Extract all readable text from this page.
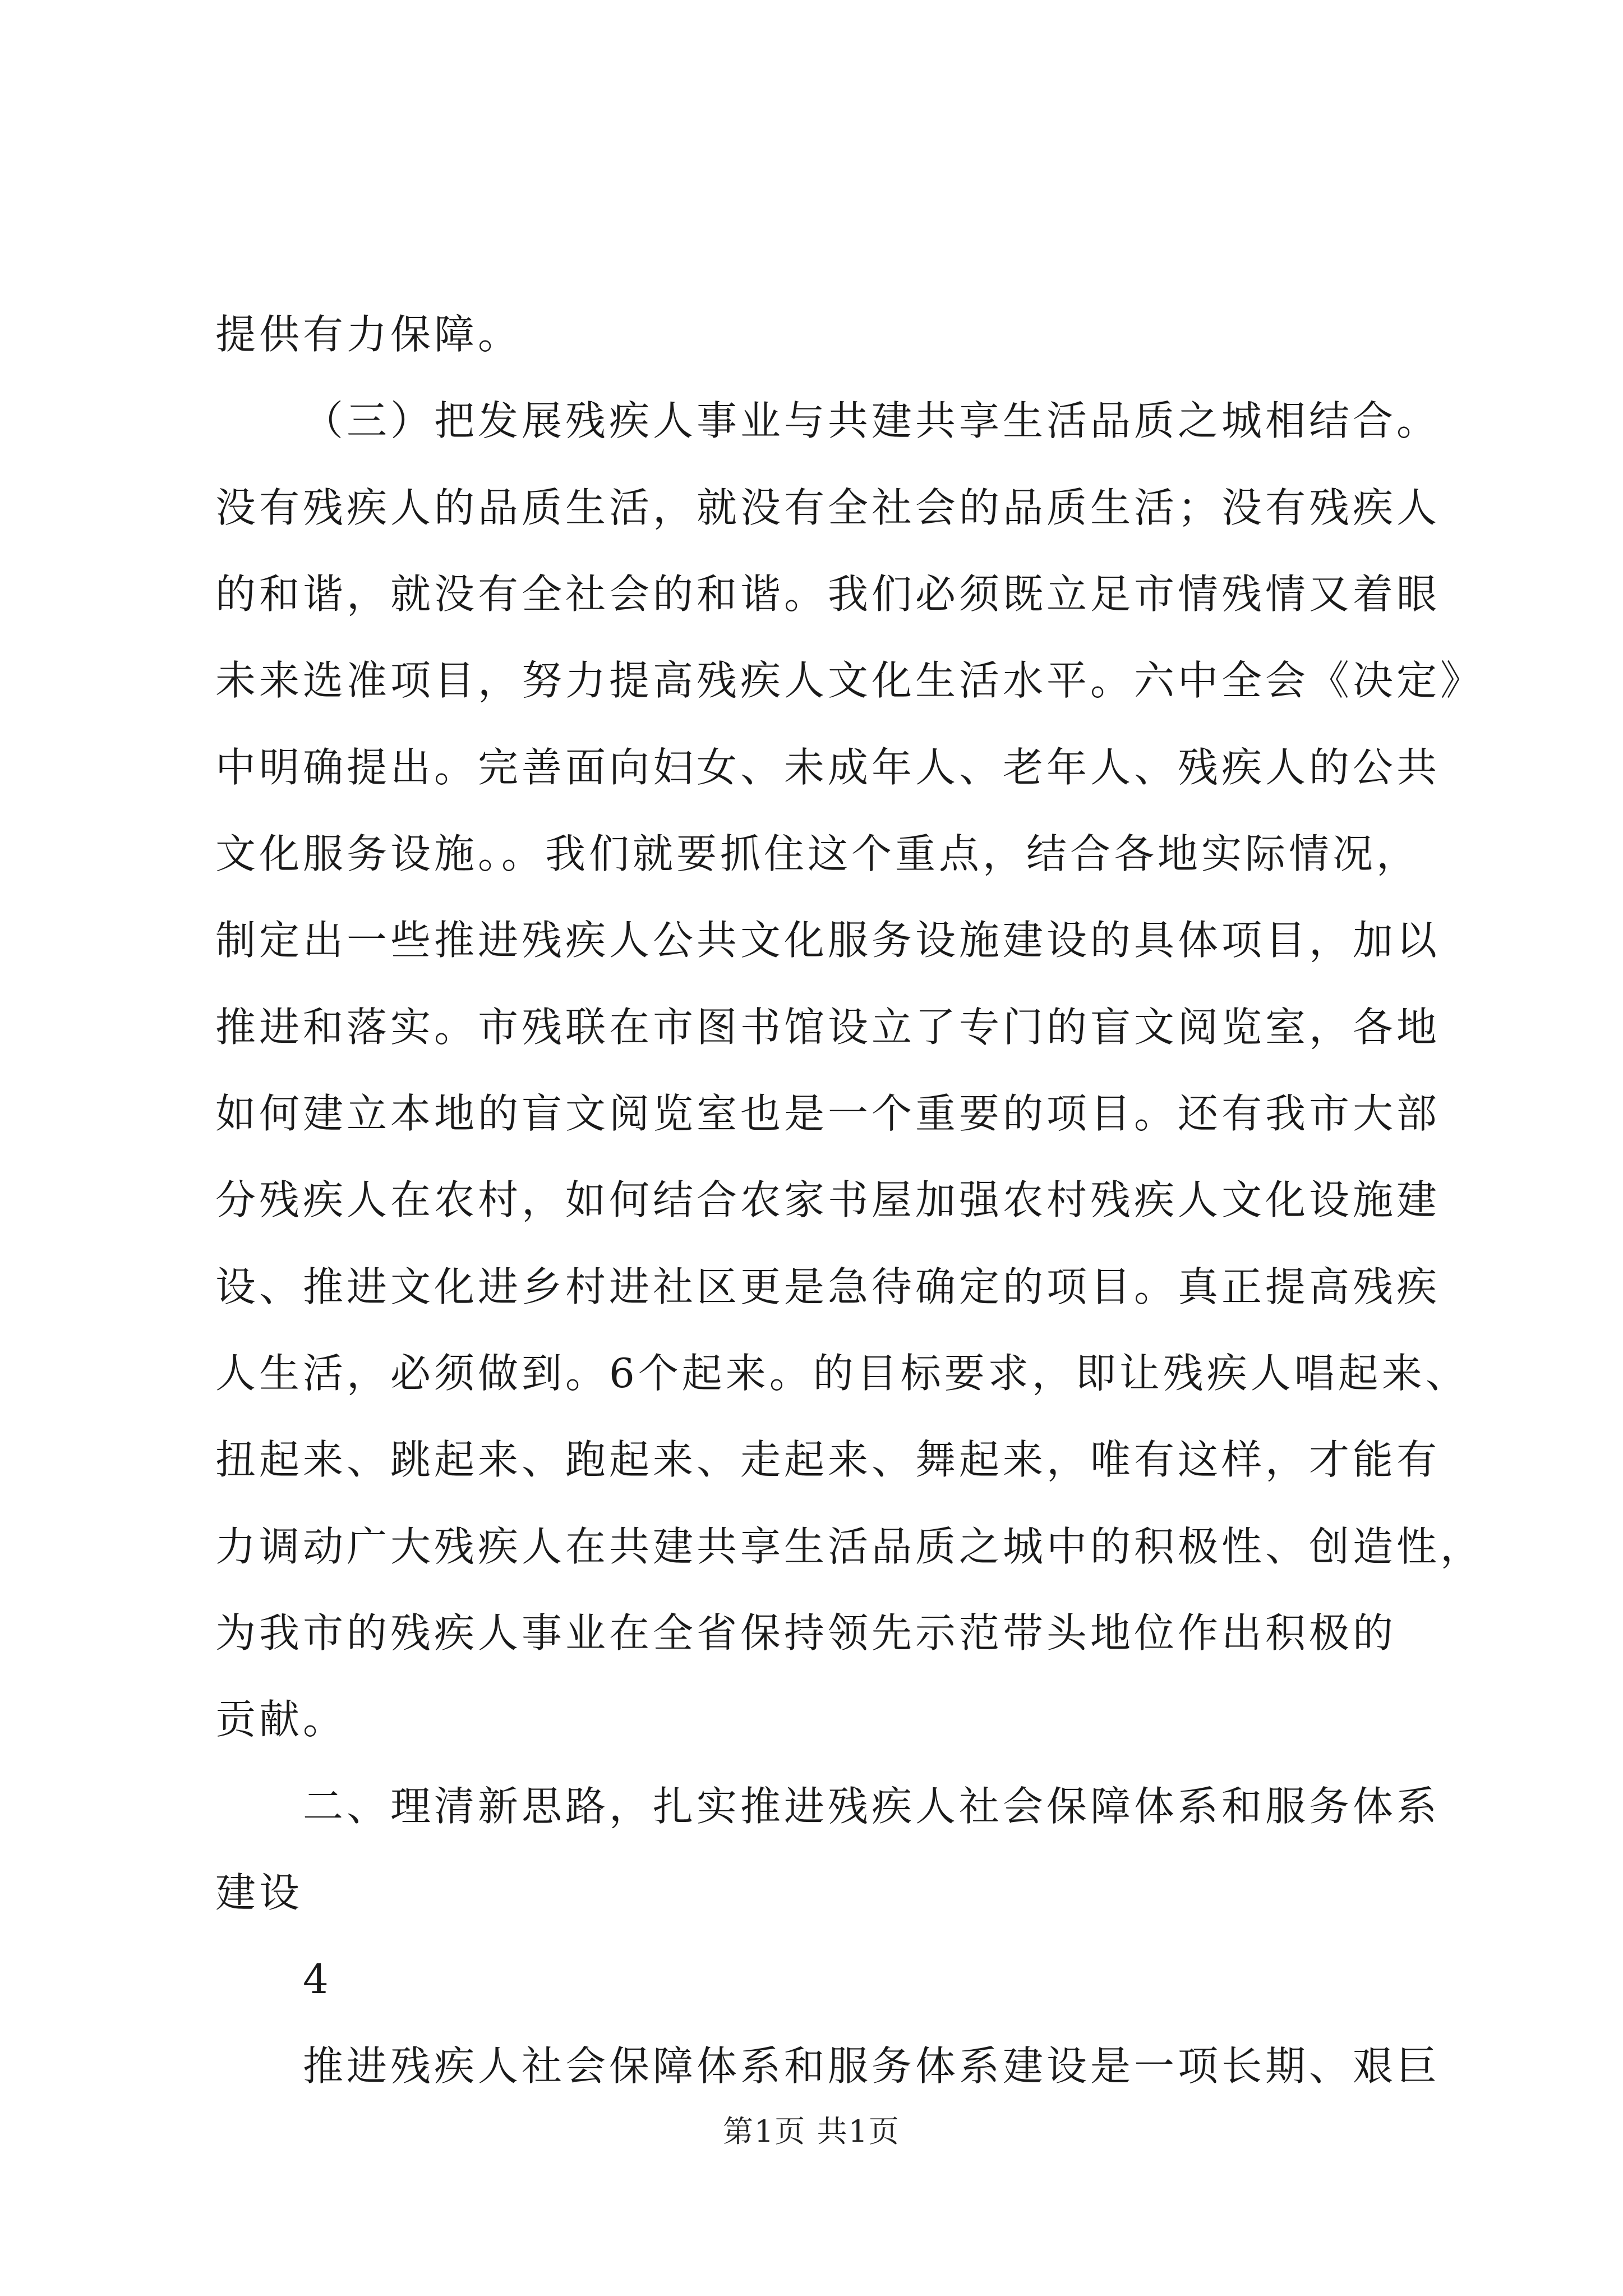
提供有力保障。
（三）把发展残疾人事业与共建共享生活品质之城相结合。
没有残疾人的品质生活，就没有全社会的品质生活；没有残疾人
的和谐，就没有全社会的和谐。我们必须既立足市情残情又着眼
未来选准项目，努力提高残疾人文化生活水平。六中全会《决定》
中明确提出。完善面向妇女、未成年人、老年人、残疾人的公共
文化服务设施。。我们就要抓住这个重点，结合各地实际情况，
制定出一些推进残疾人公共文化服务设施建设的具体项目，加以
推进和落实。市残联在市图书馆设立了专门的盲文阅览室，各地
如何建立本地的盲文阅览室也是一个重要的项目。还有我市大部
分残疾人在农村，如何结合农家书屋加强农村残疾人文化设施建
设、推进文化进乡村进社区更是急待确定的项目。真正提高残疾
人生活，必须做到。6个起来。的目标要求，即让残疾人唱起来、
扭起来、跳起来、跑起来、走起来、舞起来，唯有这样，才能有
力调动广大残疾人在共建共享生活品质之城中的积极性、创造性，
为我市的残疾人事业在全省保持领先示范带头地位作出积极的
贡献。
二、理清新思路，扎实推进残疾人社会保障体系和服务体系
建设
4
推进残疾人社会保障体系和服务体系建设是一项长期、艰巨
第1页 共1页
